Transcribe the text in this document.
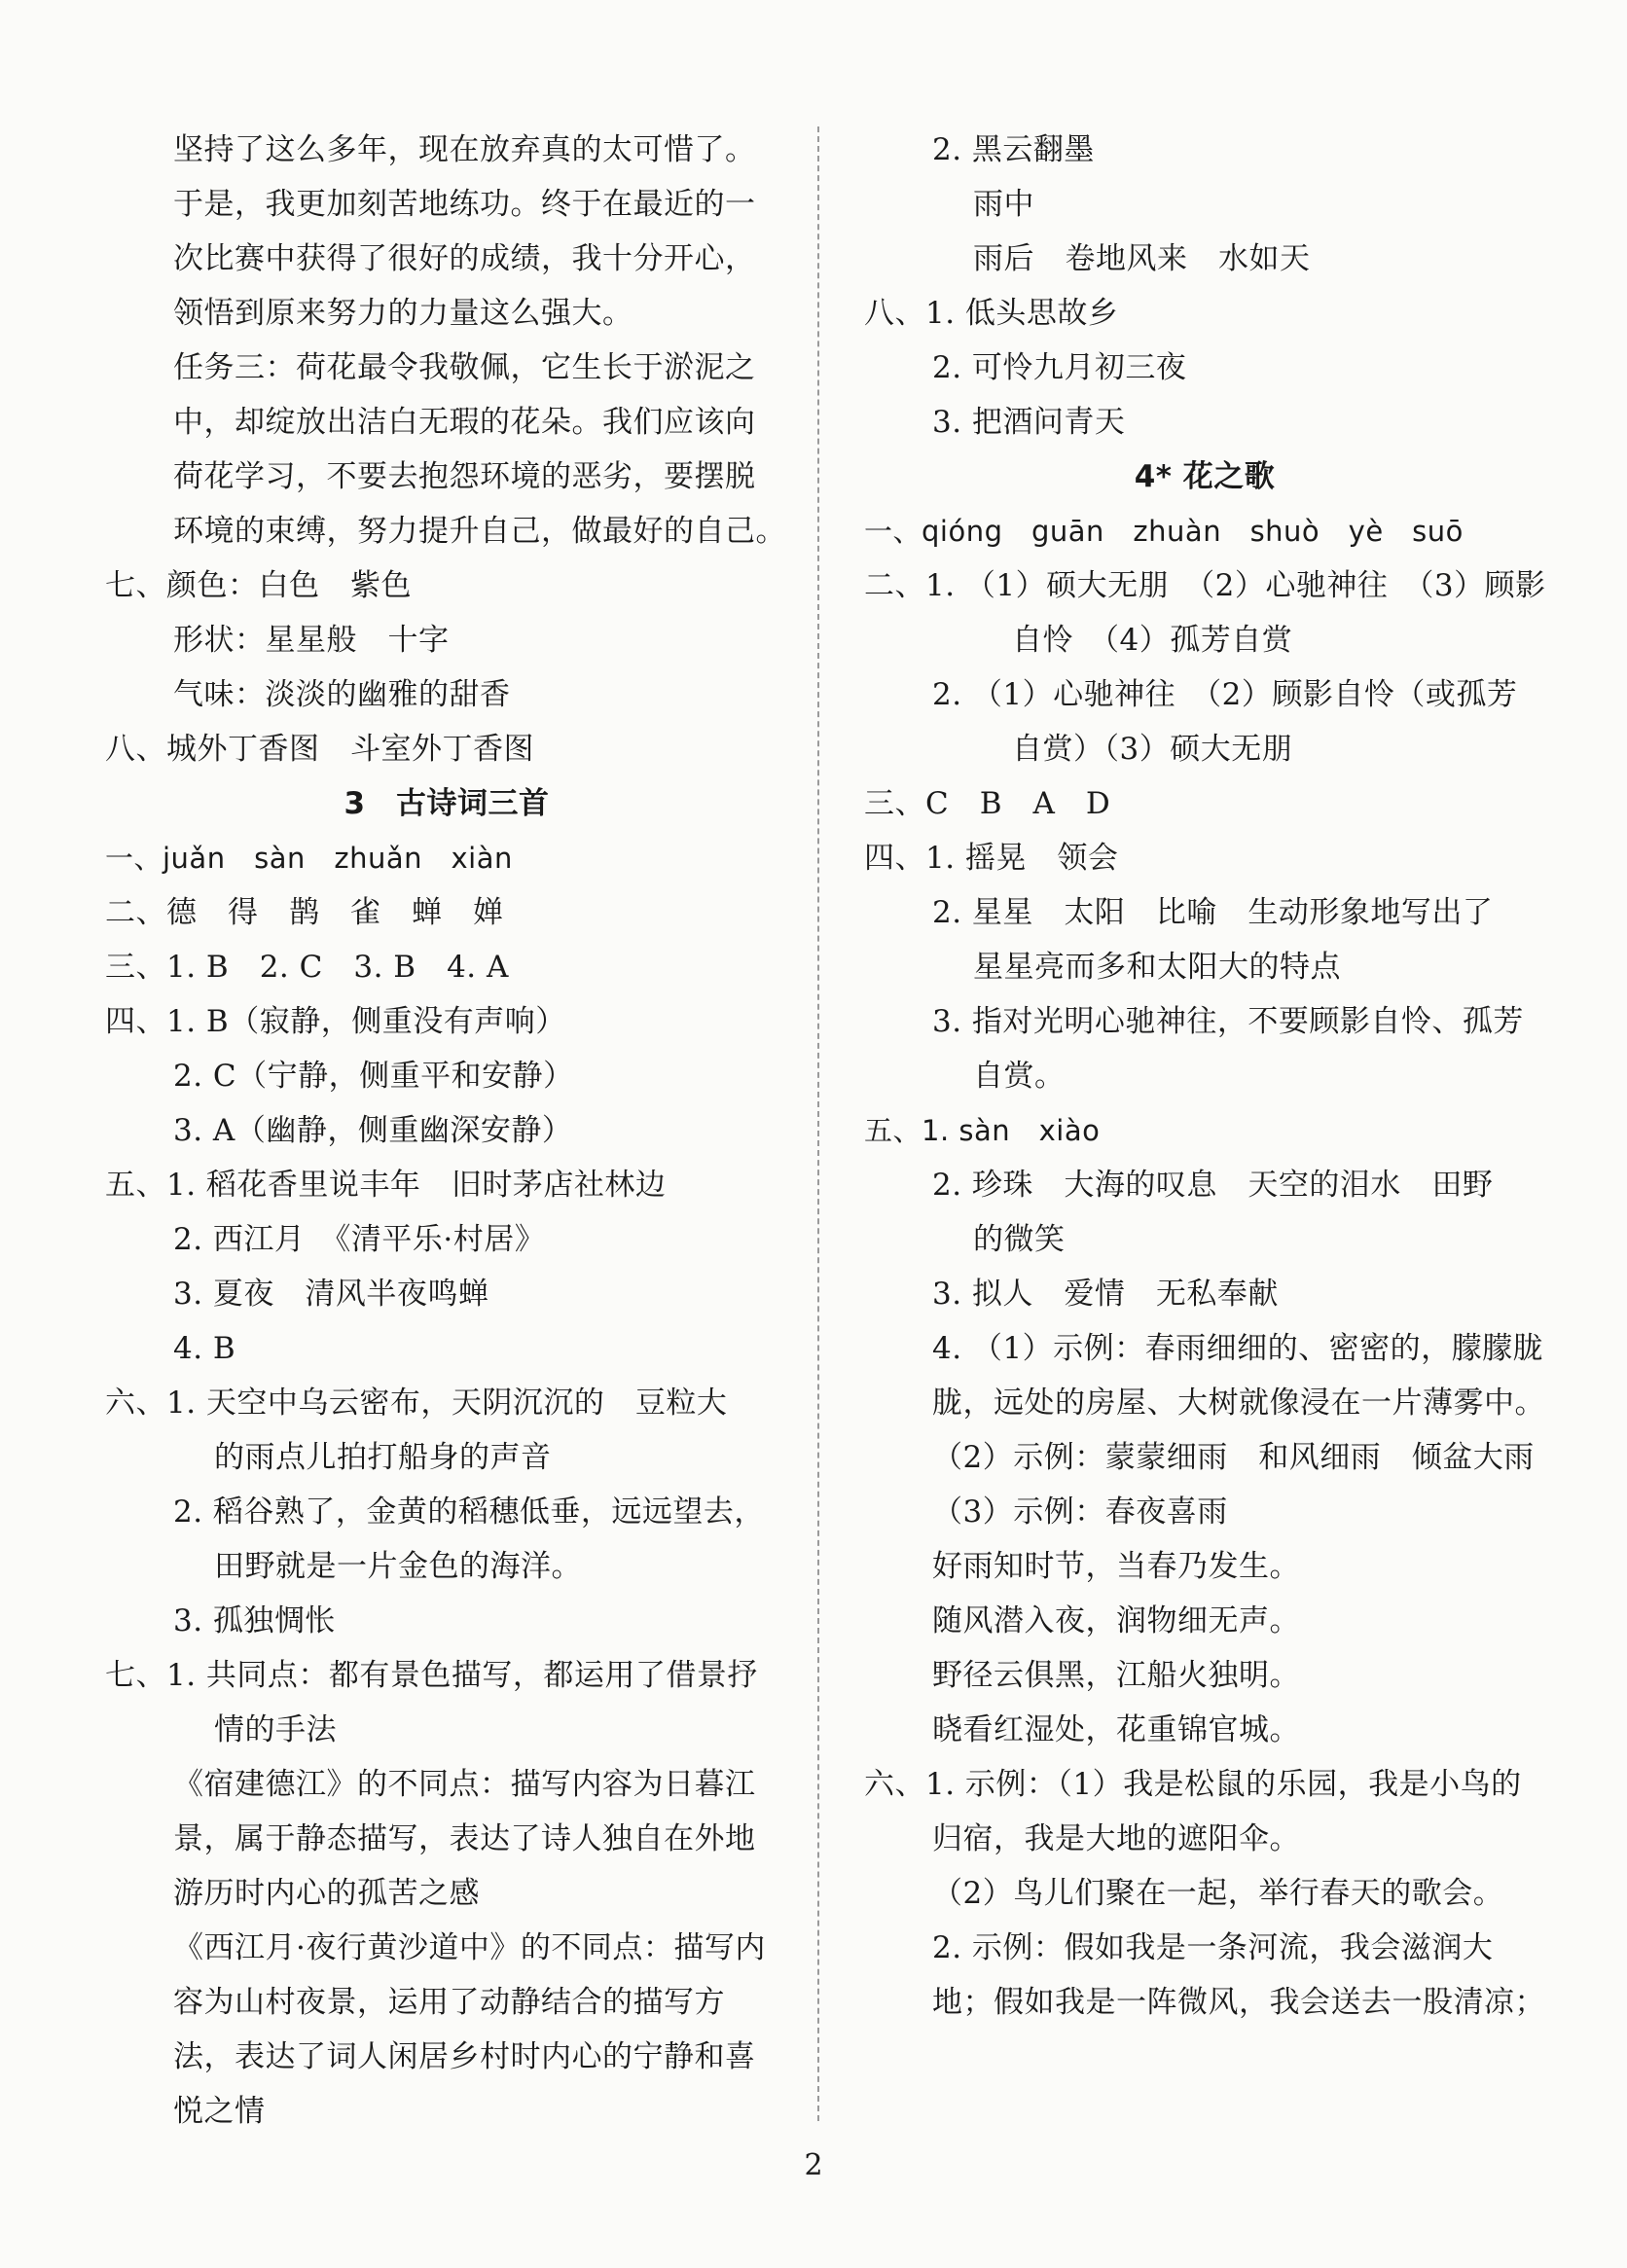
坚持了这么多年，现在放弃真的太可惜了。
于是，我更加刻苦地练功。终于在最近的一
次比赛中获得了很好的成绩，我十分开心，
领悟到原来努力的力量这么强大。
任务三：荷花最令我敬佩，它生长于淤泥之
中，却绽放出洁白无瑕的花朵。我们应该向
荷花学习，不要去抱怨环境的恶劣，要摆脱
环境的束缚，努力提升自己，做最好的自己。
七、颜色：白色　紫色
形状：星星般　十字
气味：淡淡的幽雅的甜香
八、城外丁香图　斗室外丁香图
3　古诗词三首
一、juǎn　sàn　zhuǎn　xiàn
二、德　得　鹊　雀　蝉　婵
三、1. B　2. C　3. B　4. A
四、1. B（寂静，侧重没有声响）
2. C（宁静，侧重平和安静）
3. A（幽静，侧重幽深安静）
五、1. 稻花香里说丰年　旧时茅店社林边
2. 西江月　《清平乐·村居》
3. 夏夜　清风半夜鸣蝉
4. B
六、1. 天空中乌云密布，天阴沉沉的　豆粒大
的雨点儿拍打船身的声音
2. 稻谷熟了，金黄的稻穗低垂，远远望去，
田野就是一片金色的海洋。
3. 孤独惆怅
七、1. 共同点：都有景色描写，都运用了借景抒
情的手法
《宿建德江》的不同点：描写内容为日暮江
景，属于静态描写，表达了诗人独自在外地
游历时内心的孤苦之感
《西江月·夜行黄沙道中》的不同点：描写内
容为山村夜景，运用了动静结合的描写方
法，表达了词人闲居乡村时内心的宁静和喜
悦之情
2. 黑云翻墨
雨中
雨后　卷地风来　水如天
八、1. 低头思故乡
2. 可怜九月初三夜
3. 把酒问青天
4* 花之歌
一、qióng　guān　zhuàn　shuò　yè　suō
二、1. （1）硕大无朋　（2）心驰神往　（3）顾影
自怜　（4）孤芳自赏
2. （1）心驰神往　（2）顾影自怜（或孤芳
自赏）（3）硕大无朋
三、C　B　A　D
四、1. 摇晃　领会
2. 星星　太阳　比喻　生动形象地写出了
星星亮而多和太阳大的特点
3. 指对光明心驰神往，不要顾影自怜、孤芳
自赏。
五、1. sàn　xiào
2. 珍珠　大海的叹息　天空的泪水　田野
的微笑
3. 拟人　爱情　无私奉献
4. （1）示例：春雨细细的、密密的，朦朦胧
胧，远处的房屋、大树就像浸在一片薄雾中。
（2）示例：蒙蒙细雨　和风细雨　倾盆大雨
（3）示例：春夜喜雨
好雨知时节，当春乃发生。
随风潜入夜，润物细无声。
野径云俱黑，江船火独明。
晓看红湿处，花重锦官城。
六、1. 示例：（1）我是松鼠的乐园，我是小鸟的
归宿，我是大地的遮阳伞。
（2）鸟儿们聚在一起，举行春天的歌会。
2. 示例：假如我是一条河流，我会滋润大
地；假如我是一阵微风，我会送去一股清凉；
2
